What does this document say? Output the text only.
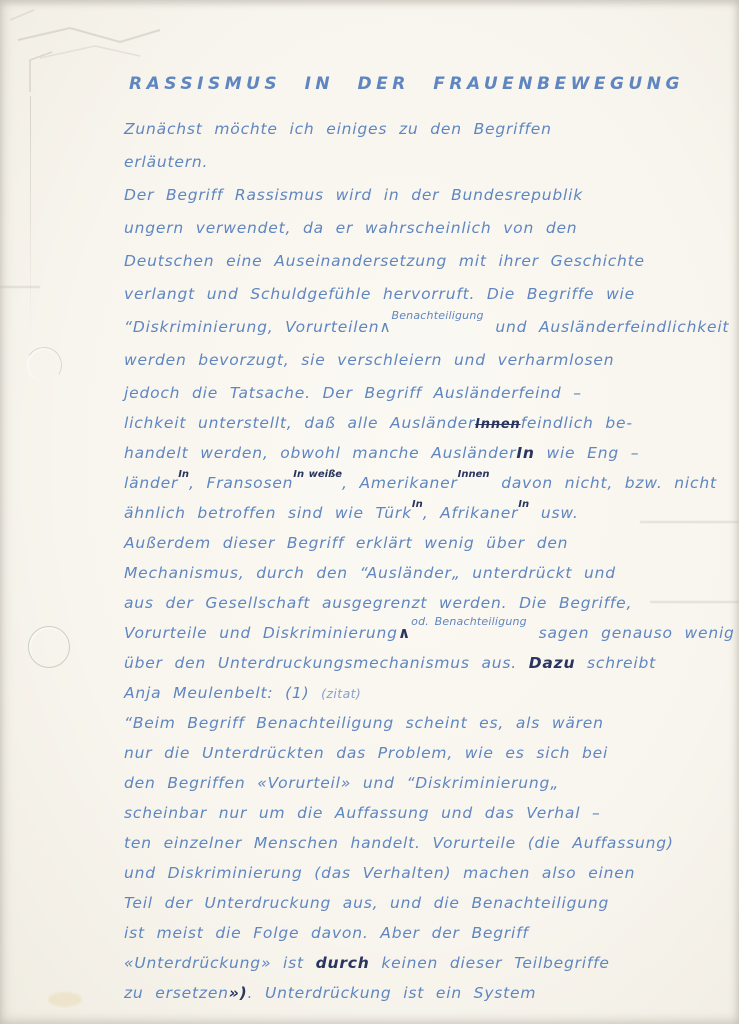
RASSISMUS IN DER FRAUENBEWEGUNG
Zunächst möchte ich einiges zu den Begriffen
erläutern.
Der Begriff Rassismus wird in der Bundesrepublik
ungern verwendet, da er wahrscheinlich von den
Deutschen eine Auseinandersetzung mit ihrer Geschichte
verlangt und Schuldgefühle hervorruft. Die Begriffe wie
“Diskriminierung, Vorurteilen∧$^{Benachteiligung}$ und Ausländerfeindlichkeit
werden bevorzugt, sie verschleiern und verharmlosen
jedoch die Tatsache. Der Begriff Ausländerfeind –
lichkeit unterstellt, daß alle AusländerInnenfeindlich be-
handelt werden, obwohl manche AusländerIn wie Eng –
länder$^{In}$, Fransosen$^{In weiße}$, Amerikaner$^{Innen}$ davon nicht, bzw. nicht
ähnlich betroffen sind wie Türk$^{In}$, Afrikaner$^{In}$ usw.
Außerdem dieser Begriff erklärt wenig über den
Mechanismus, durch den “Ausländer„ unterdrückt und
aus der Gesellschaft ausgegrenzt werden. Die Begriffe,
Vorurteile und Diskriminierung∧$^{od. Benachteiligung}$ sagen genauso wenig
über den Unterdruckungsmechanismus aus. Dazu schreibt
Anja Meulenbelt: (1) (zitat)
“Beim Begriff Benachteiligung scheint es, als wären
nur die Unterdrückten das Problem, wie es sich bei
den Begriffen «Vorurteil» und “Diskriminierung„
scheinbar nur um die Auffassung und das Verhal –
ten einzelner Menschen handelt. Vorurteile (die Auffassung)
und Diskriminierung (das Verhalten) machen also einen
Teil der Unterdruckung aus, und die Benachteiligung
ist meist die Folge davon. Aber der Begriff
«Unterdrückung» ist durch keinen dieser Teilbegriffe
zu ersetzen»). Unterdrückung ist ein System
